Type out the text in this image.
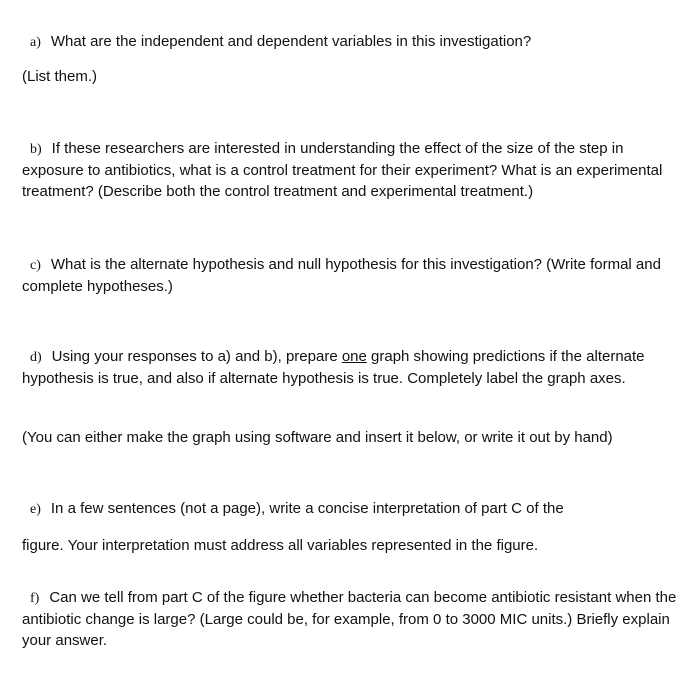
a) What are the independent and dependent variables in this investigation?

(List them.)

b) If these researchers are interested in understanding the effect of the size of the step in exposure to antibiotics, what is a control treatment for their experiment? What is an experimental treatment? (Describe both the control treatment and experimental treatment.)

c) What is the alternate hypothesis and null hypothesis for this investigation? (Write formal and complete hypotheses.)

d) Using your responses to a) and b), prepare one graph showing predictions if the alternate hypothesis is true, and also if alternate hypothesis is true. Completely label the graph axes.

(You can either make the graph using software and insert it below, or write it out by hand)

e) In a few sentences (not a page), write a concise interpretation of part C of the

figure. Your interpretation must address all variables represented in the figure.

f) Can we tell from part C of the figure whether bacteria can become antibiotic resistant when the antibiotic change is large? (Large could be, for example, from 0 to 3000 MIC units.) Briefly explain your answer.
